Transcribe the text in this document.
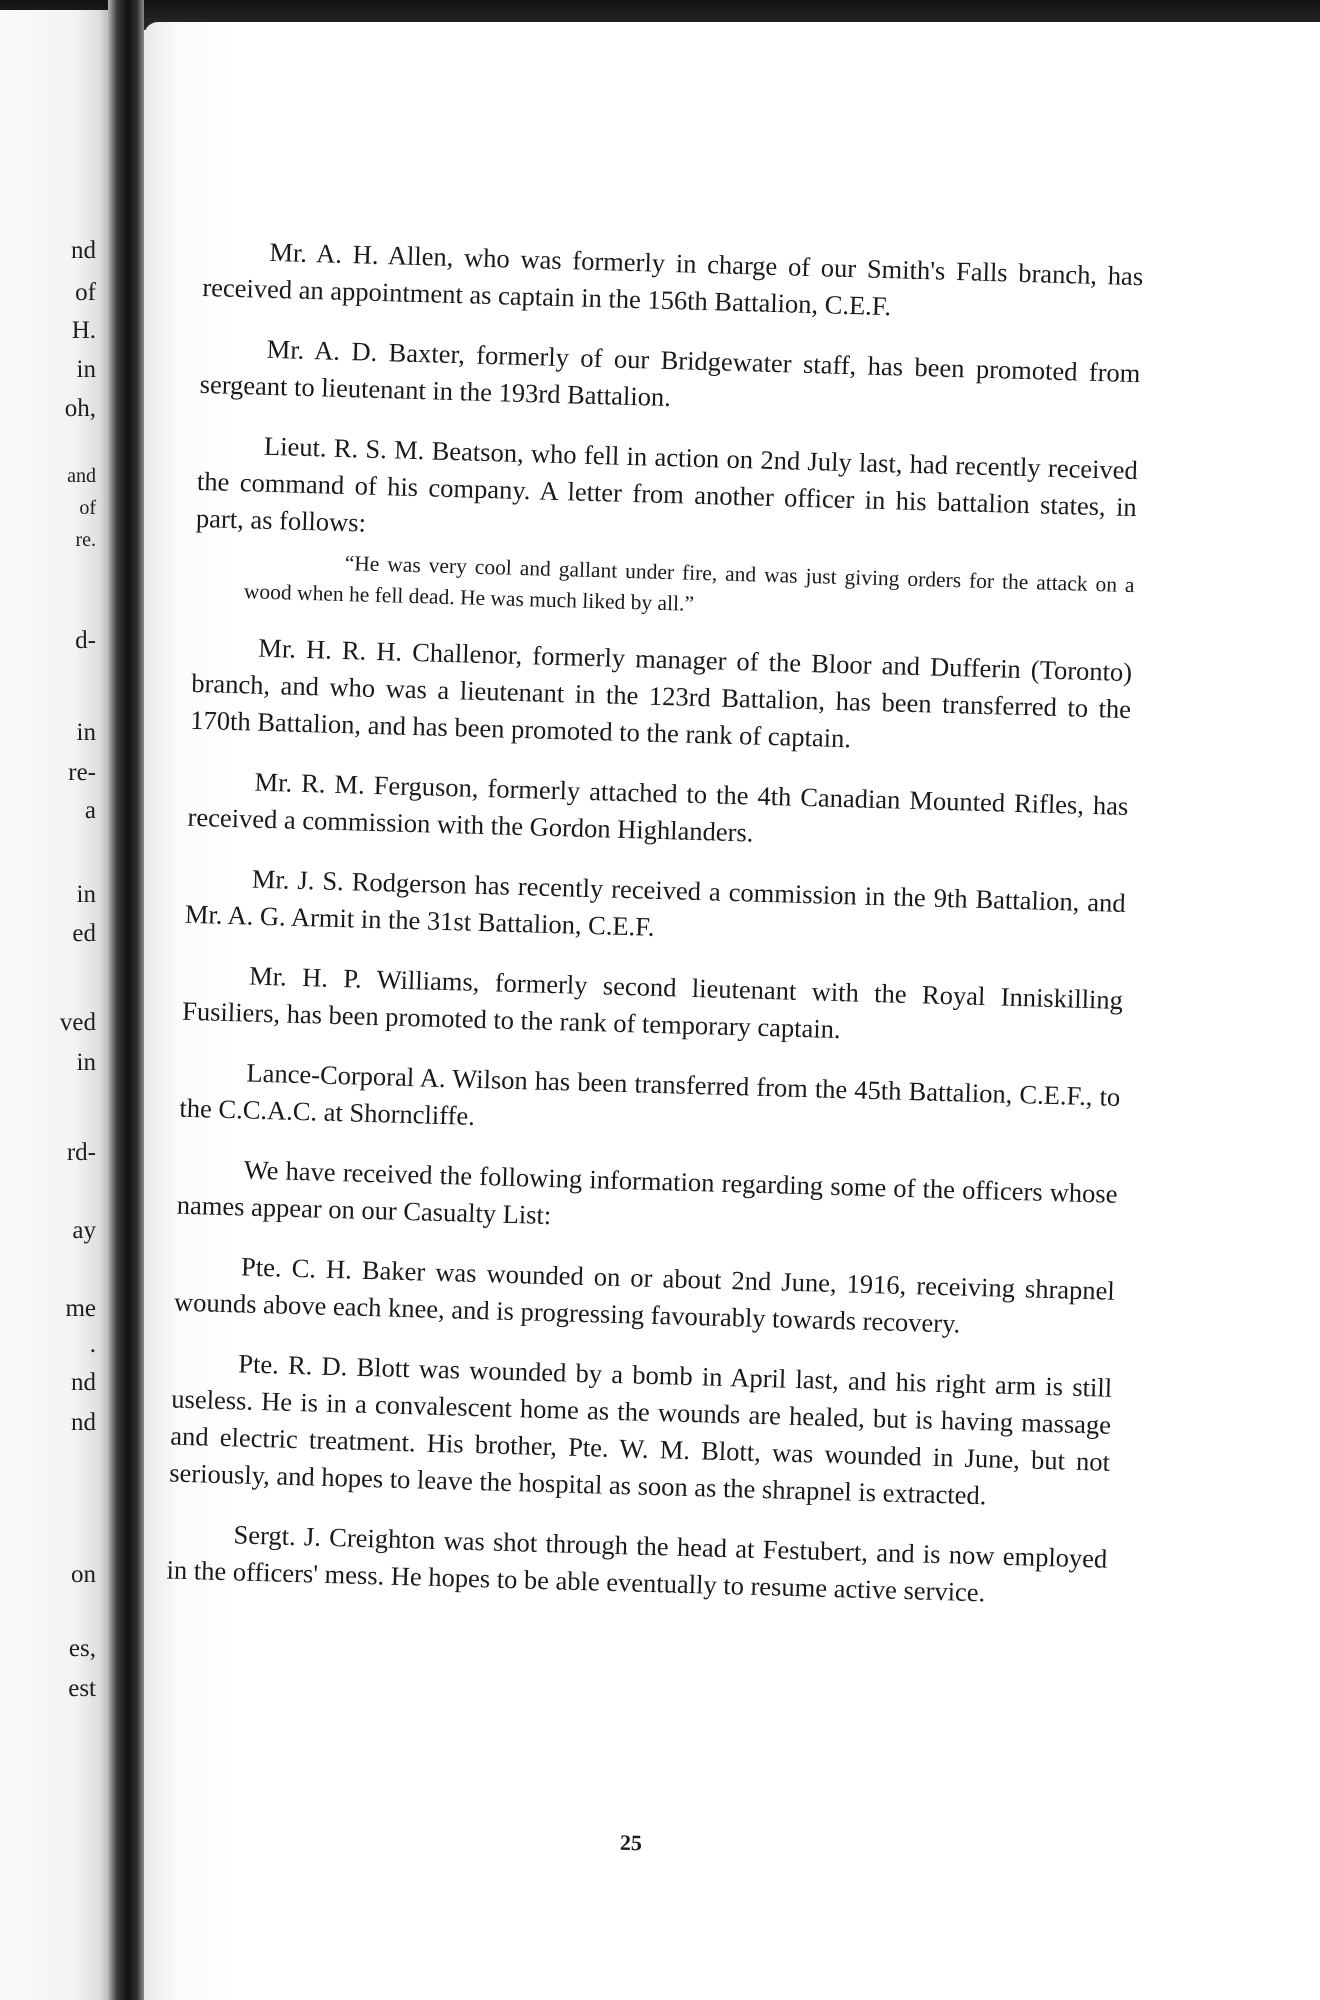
nd
of
H.
in
oh,
and
of
re.
d-
in
re-
a
in
ed
ved
in
rd-
ay
me
.
nd
nd
on
es,
est

Mr. A. H. Allen, who was formerly in charge of our Smith's Falls branch, has received an appointment as captain in the 156th Battalion, C.E.F.

Mr. A. D. Baxter, formerly of our Bridgewater staff, has been promoted from sergeant to lieutenant in the 193rd Battalion.

Lieut. R. S. M. Beatson, who fell in action on 2nd July last, had recently received the command of his company. A letter from another officer in his battalion states, in part, as follows:

“He was very cool and gallant under fire, and was just giving orders for the attack on a wood when he fell dead. He was much liked by all.”

Mr. H. R. H. Challenor, formerly manager of the Bloor and Dufferin (Toronto) branch, and who was a lieutenant in the 123rd Battalion, has been transferred to the 170th Battalion, and has been promoted to the rank of captain.

Mr. R. M. Ferguson, formerly attached to the 4th Canadian Mounted Rifles, has received a commission with the Gordon Highlanders.

Mr. J. S. Rodgerson has recently received a commission in the 9th Battalion, and Mr. A. G. Armit in the 31st Battalion, C.E.F.

Mr. H. P. Williams, formerly second lieutenant with the Royal Inniskilling Fusiliers, has been promoted to the rank of temporary captain.

Lance-Corporal A. Wilson has been transferred from the 45th Battalion, C.E.F., to the C.C.A.C. at Shorncliffe.

We have received the following information regarding some of the officers whose names appear on our Casualty List:

Pte. C. H. Baker was wounded on or about 2nd June, 1916, receiving shrapnel wounds above each knee, and is progressing favourably towards recovery.

Pte. R. D. Blott was wounded by a bomb in April last, and his right arm is still useless. He is in a convalescent home as the wounds are healed, but is having massage and electric treatment. His brother, Pte. W. M. Blott, was wounded in June, but not seriously, and hopes to leave the hospital as soon as the shrapnel is extracted.

Sergt. J. Creighton was shot through the head at Festubert, and is now employed in the officers' mess. He hopes to be able eventually to resume active service.

25
